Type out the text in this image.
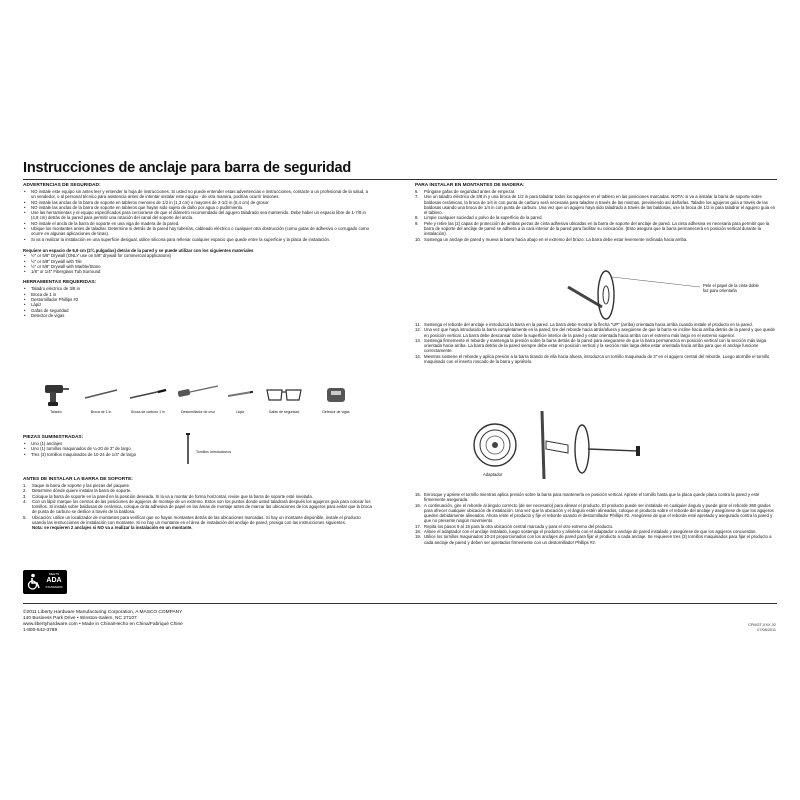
Instrucciones de anclaje para barra de seguridad

ADVERTENCIAS DE SEGURIDAD:

• NO instale este equipo sin antes leer y entender la hoja de instrucciones. Si usted no puede entender estas advertencias e instrucciones, contacte a un profesional de la salud, a un vendedor, o al personal técnico para asistencia antes de intentar instalar este equipo - de otra manera, podrían ocurrir lesiones.
• NO instale las anclas de la barra de soporte en tableros menores de 1/2 in (1,3 cm) o mayores de 2-1/2 in (6,4 cm) de grosor.
• NO instale las anclas de la barra de soporte en tableros que hayan sido sujeto de daño por agua o pudrimiento.
• Use las herramientas y el equipo especificados para cerciorarse de que el diámetro recomendado del agujero taladrado sea mantenido. Debe haber un espacio libre de 1-7/8 in (4,8 cm) detrás de la pared para permitir una rotación del canal del soporte del ancla.
• NO instale el ancla de la barra de soporte en una viga de madera de la pared.
• Ubique los montantes antes de taladrar. Determine si detrás de la pared hay tuberías, cableado eléctrico o cualquier otra obstrucción (como gotas de adhesivo o corrugado como ocurre en algunas aplicaciones de tinas).
• Si va a realizar la instalación en una superficie desigual, utilice silicona para rellenar cualquier espacio que quede entre la superficie y la placa de instalación.

Requiere un espacio de 6,9 cm (2¾ pulgadas) detrás de la pared y se puede utilizar con los siguientes materiales

• ½" or 5/8" Drywall (ONLY use on 5/8" drywall for commercial applications)
• ½" or 5/8" Drywall with Tile
• ½" or 5/8" Drywall with Marble/Stone
• 1/8" or 1/4" Fiberglass Tub Surround

HERRAMIENTAS REQUERIDAS:

• Taladro eléctrico de 3/8 in
• Broca de 1 in
• Destornillador Phillips #2
• Lápiz
• Gafas de seguridad
• Detector de vigas
Taladro	Broca de 1 in	Broca de carburo 1 in	Destornillador de cruz	Lápiz	Gafas de seguridad	Detector de vigas

PIEZAS SUMINISTRADAS:

• Uno (1) anclajes
• Uno (1) tornillos maquinados de ¼-20 de 3" de largo
• Tres (3) tornillos maquinados de 10-24 de 1/4" de largo	Tornillos Introductorios

ANTES DE INSTALAR LA BARRA DE SOPORTE:

1.	Saque la barra de soporte y las piezas del paquete.
2.	Determine dónde quiere instalar la barra de soporte.
3.	Coloque la barra de soporte en la pared en la posición deseada. Si la va a montar de forma horizontal, revise que la barra de soporte esté nivelada.
4.	Con un lápiz marque los centros de las posiciones de agujeros de montaje de un extremo. Estos son los puntos donde usted taladrará después los agujeros guía para colocar los tornillos. Si instala sobre baldosas de cerámica, coloque cinta adhesiva de papel en las áreas de montaje antes de marcar las ubicaciones de los agujeros para evitar que la broca de punta de carburo se deslice a través de la baldosa.
5.	Ubicación: utilice un localizador de montantes para verificar que no hayan montantes detrás de las ubicaciones marcadas. Si hay un montante disponible, instale el producto usando las instrucciones de instalación con montante. Si no hay un montante en el área de instalación del anclaje de pared, prosiga con las instrucciones siguientes.

Nota: se requieren 2 anclajes si NO va a realizar la instalación en un montante.

MEETS
ADA
STANDARDS

PARA INSTALAR EN MONTANTES DE MADERA:

6.	Póngase gafas de seguridad antes de empezar.
7.	Use un taladro eléctrico de 3/8 in y una broca de 1/2 in para taladrar todos los agujeros en el tablero en las posiciones marcadas. NOTA: si va a instalar la barra de soporte sobre baldosas cerámicas, la broca de 1/4 in con punta de carburo será necesaria para taladrar a través de las mismas, previniendo así dañarlas. Taladre los agujeros guía a través de las baldosas usando una broca de 1/4 in con punta de carburo. Una vez que un agujero haya sido taladrado a través de las baldosas, use la broca de 1/2 in para taladrar el agujero guía en el tablero.
8.	Limpie cualquier suciedad o polvo de la superficie de la pared.
9.	Pele y retire las (2) capas de protección de ambas piezas de cinta adhesiva ubicadas en la barra de soporte del anclaje de pared. La cinta adhesiva es necesaria para permitir que la barra de soporte del anclaje de pared se adhiera a la cara interior de la pared para facilitar su colocación. (Esto asegura que la barra permanecerá en posición vertical durante la instalación).
10. Sostenga un anclaje de pared y mueva la barra hacia abajo en el extremo del brazo. La barra debe estar levemente inclinada hacia arriba.
Pele el papel de la cinta doble
faz para orientarla
11. Sostenga el reborde del anclaje e introduzca la barra en la pared. La barra debe mostrar la flecha "UP" (arriba) orientada hacia arriba cuando instale el producto en la pared.
12. Una vez que haya introducido la barra completamente en la pared, tire del reborde hacia atrás/afuera y asegúrese de que la barra se incline hacia arriba detrás de la pared y que quede en posición vertical. La barra debe descansar sobre la superficie interior de la pared y estar orientada hacia arriba con el extremo más largo en el extremo superior.
13. Sostenga firmemente el reborde y mantenga la presión sobre la barra detrás de la pared para asegurarse de que la barra permanezca en posición vertical con la sección más larga orientada hacia arriba. La barra detrás de la pared siempre debe estar en posición vertical y la sección más larga debe estar orientada hacia arriba para que el anclaje funcione correctamente.
14. Mientras sostiene el reborde y aplica presión a la barra tirando de ella hacia afuera, introduzca un tornillo maquinado de 3" en el agujero central del reborde. Luego atornille el tornillo maquinado con el inserto roscado de la barra y apriételo.
Adaptador
15. Enrosque y apriete el tornillo mientras aplica presión sobre la barra para mantenerla en posición vertical. Apriete el tornillo hasta que la placa quede plana contra la pared y esté firmemente asegurada.
16. A continuación, gire el reborde al ángulo correcto (de ser necesario) para alinear el producto. El producto puede ser instalado en cualquier ángulo y puede girar el reborde 360 grados para ofrecer cualquier ubicación de instalación. Una vez que la ubicación y el ángulo estén alineados, coloque el producto sobre el reborde del anclaje y asegúrese de que los agujeros queden debidamente alineados. Ahora retire el producto y fije el reborde usando el destornillador Phillips #2. Asegúrese de que el reborde esté apretado y asegurado contra la pared y que no presente ningún movimiento.
17. Repita los pasos 9 al 15 para la otra ubicación central marcada y para el otro extremo del producto.
18. Alinee el adaptador con el anclaje instalado, luego sostenga el producto y alinéelo con el adaptador o anclaje de pared instalado y asegúrese de que los agujeros concuerdan.
19. Utilice los tornillos maquinados 10-24 proporcionados con los anclajes de pared para fijar el producto a cada anclaje. Se requieren tres (3) tornillos maquinados para fijar el producto a cada anclaje de pared y deben ser apretados firmemente con un destornillador Phillips #2.
©2011 Liberty Hardware Manufacturing Corporation, A MASCO COMPANY
140 Business Park Drive • Winston-Salem, NC 27107
www.libertyhardware.com • Made in China/Hecho en China/Fabriqué Chine
1-800-542-3789
CPMGT-XXX-02
07/08/2011
